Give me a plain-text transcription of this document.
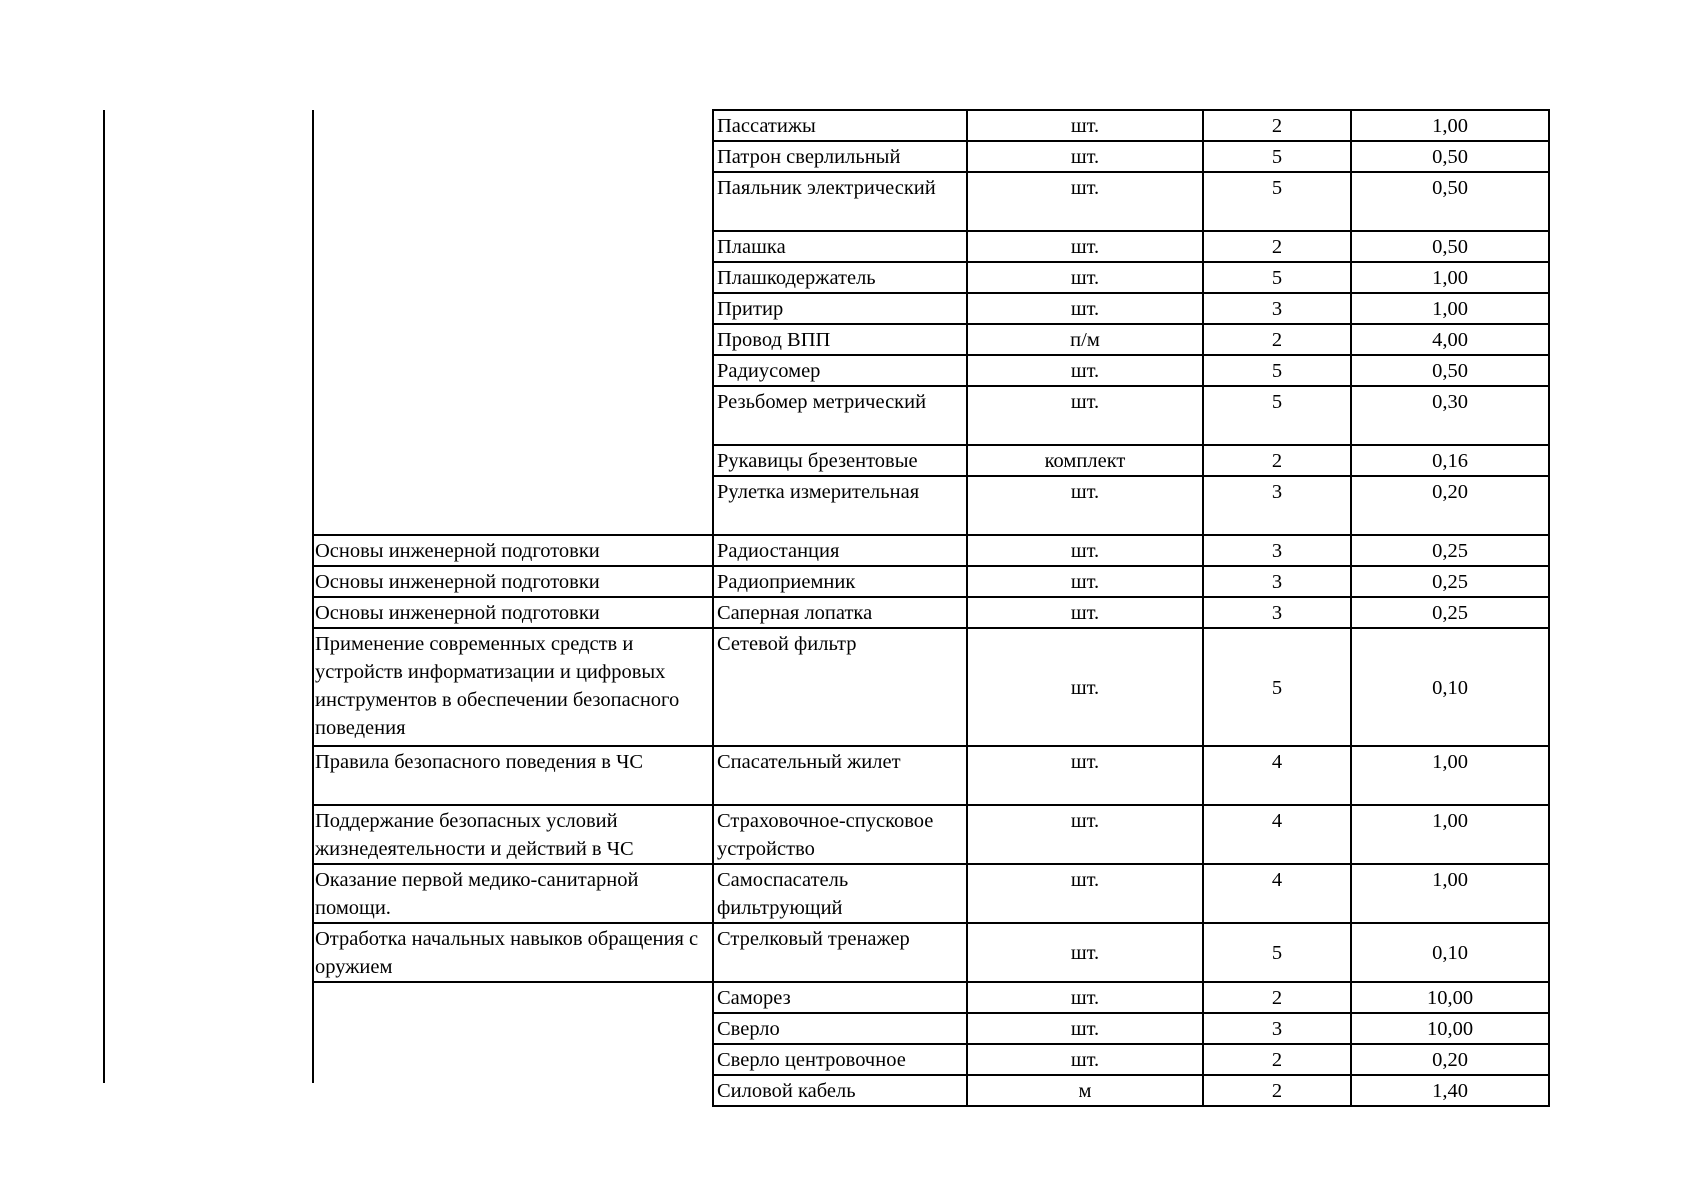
	Пассатижы	шт.	2	1,00
	Патрон сверлильный	шт.	5	0,50
	Паяльник электрический	шт.	5	0,50
	Плашка	шт.	2	0,50
	Плашкодержатель	шт.	5	1,00
	Притир	шт.	3	1,00
	Провод ВПП	п/м	2	4,00
	Радиусомер	шт.	5	0,50
	Резьбомер метрический	шт.	5	0,30
	Рукавицы брезентовые	комплект	2	0,16
	Рулетка измерительная	шт.	3	0,20
Основы инженерной подготовки	Радиостанция	шт.	3	0,25
Основы инженерной подготовки	Радиоприемник	шт.	3	0,25
Основы инженерной подготовки	Саперная лопатка	шт.	3	0,25
Применение современных средств и устройств информатизации и цифровых инструментов в обеспечении безопасного поведения	Сетевой фильтр	шт.	5	0,10
Правила безопасного поведения в ЧС	Спасательный жилет	шт.	4	1,00
Поддержание безопасных условий жизнедеятельности и действий в ЧС	Страховочное-спусковое устройство	шт.	4	1,00
Оказание первой медико-санитарной помощи.	Самоспасатель фильтрующий	шт.	4	1,00
Отработка начальных навыков обращения с оружием	Стрелковый тренажер	шт.	5	0,10
	Саморез	шт.	2	10,00
	Сверло	шт.	3	10,00
	Сверло центровочное	шт.	2	0,20
	Силовой кабель	м	2	1,40
